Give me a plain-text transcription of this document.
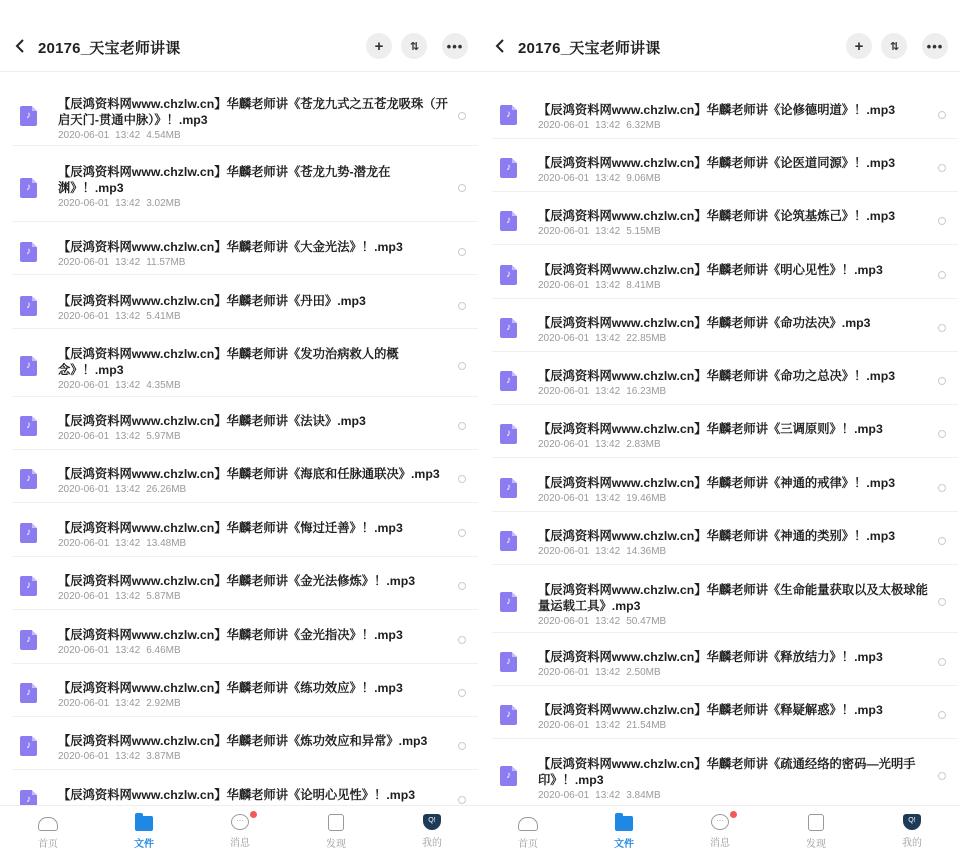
20176_天宝老师讲课	+	⇅	•••
♪
【辰鸿资料网www.chzlw.cn】华麟老师讲《苍龙九式之五苍龙吸珠（开启天门-贯通中脉）》！.mp3
2020-06-01 13:42 4.54MB
♪
【辰鸿资料网www.chzlw.cn】华麟老师讲《苍龙九势-潜龙在渊》！.mp3
2020-06-01 13:42 3.02MB
♪	【辰鸿资料网www.chzlw.cn】华麟老师讲《大金光法》！.mp3
2020-06-01 13:42 11.57MB
♪	【辰鸿资料网www.chzlw.cn】华麟老师讲《丹田》.mp3
2020-06-01 13:42 5.41MB
♪
【辰鸿资料网www.chzlw.cn】华麟老师讲《发功治病救人的概念》！.mp3
2020-06-01 13:42 4.35MB
♪	【辰鸿资料网www.chzlw.cn】华麟老师讲《法诀》.mp3
2020-06-01 13:42 5.97MB
♪	【辰鸿资料网www.chzlw.cn】华麟老师讲《海底和任脉通联决》.mp3
2020-06-01 13:42 26.26MB
♪	【辰鸿资料网www.chzlw.cn】华麟老师讲《悔过迁善》！.mp3
2020-06-01 13:42 13.48MB
♪	【辰鸿资料网www.chzlw.cn】华麟老师讲《金光法修炼》！.mp3
2020-06-01 13:42 5.87MB
♪	【辰鸿资料网www.chzlw.cn】华麟老师讲《金光指决》！.mp3
2020-06-01 13:42 6.46MB
♪	【辰鸿资料网www.chzlw.cn】华麟老师讲《练功效应》！.mp3
2020-06-01 13:42 2.92MB
♪	【辰鸿资料网www.chzlw.cn】华麟老师讲《炼功效应和异常》.mp3
2020-06-01 13:42 3.87MB
♪	【辰鸿资料网www.chzlw.cn】华麟老师讲《论明心见性》！.mp3
首页	文件
···
消息	发现
Q!
我的
20176_天宝老师讲课	+	⇅	•••
♪	【辰鸿资料网www.chzlw.cn】华麟老师讲《论修德明道》！.mp3
2020-06-01 13:42 6.32MB
♪	【辰鸿资料网www.chzlw.cn】华麟老师讲《论医道同源》！.mp3
2020-06-01 13:42 9.06MB
♪	【辰鸿资料网www.chzlw.cn】华麟老师讲《论筑基炼己》！.mp3
2020-06-01 13:42 5.15MB
♪	【辰鸿资料网www.chzlw.cn】华麟老师讲《明心见性》！.mp3
2020-06-01 13:42 8.41MB
♪	【辰鸿资料网www.chzlw.cn】华麟老师讲《命功法决》.mp3
2020-06-01 13:42 22.85MB
♪	【辰鸿资料网www.chzlw.cn】华麟老师讲《命功之总决》！.mp3
2020-06-01 13:42 16.23MB
♪	【辰鸿资料网www.chzlw.cn】华麟老师讲《三调原则》！.mp3
2020-06-01 13:42 2.83MB
♪	【辰鸿资料网www.chzlw.cn】华麟老师讲《神通的戒律》！.mp3
2020-06-01 13:42 19.46MB
♪	【辰鸿资料网www.chzlw.cn】华麟老师讲《神通的类别》！.mp3
2020-06-01 13:42 14.36MB
♪
【辰鸿资料网www.chzlw.cn】华麟老师讲《生命能量获取以及太极球能量运载工具》.mp3
2020-06-01 13:42 50.47MB
♪	【辰鸿资料网www.chzlw.cn】华麟老师讲《释放结力》！.mp3
2020-06-01 13:42 2.50MB
♪	【辰鸿资料网www.chzlw.cn】华麟老师讲《释疑解惑》！.mp3
2020-06-01 13:42 21.54MB
♪
【辰鸿资料网www.chzlw.cn】华麟老师讲《疏通经络的密码—光明手印》！.mp3
2020-06-01 13:42 3.84MB
首页	文件
···
消息	发现
Q!
我的
